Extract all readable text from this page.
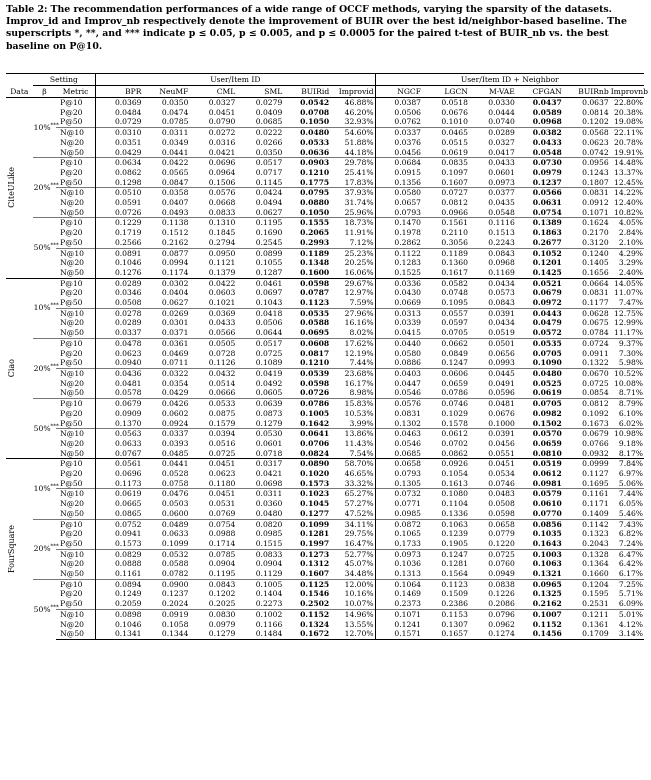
Table 2: The recommendation performances of a wide range of OCCF methods, varying the sparsity of the datasets. Improv_id and Improv_nb respectively denote the improvement of BUIR over the best id/neighbor-based baseline. The superscripts *, **, and *** indicate p ≤ 0.05, p ≤ 0.005, and p ≤ 0.0005 for the paired t-test of BUIR_nb vs. the best baseline on P@10.
	Setting		User/Item ID						User/Item ID + Neighbor					
Data	β	Metric	BPR	NeuMF	CML	SML	BUIRid	Improvid	NGCF	LGCN	M-VAE	CFGAN	BUIRnb	Improvnb

CiteULike	10%***	P@10	0.0369	0.0350	0.0327	0.0279	0.0542	46.88%	0.0387	0.0518	0.0330	0.0437	0.0637	22.80%
		P@20	0.0484	0.0474	0.0451	0.0409	0.0708	46.20%	0.0506	0.0676	0.0444	0.0589	0.0814	20.38%
		P@50	0.0729	0.0785	0.0790	0.0685	0.1050	32.93%	0.0762	0.1010	0.0740	0.0968	0.1202	19.08%
		N@10	0.0310	0.0311	0.0272	0.0222	0.0480	54.60%	0.0337	0.0465	0.0289	0.0382	0.0568	22.11%
		N@20	0.0351	0.0349	0.0316	0.0266	0.0533	51.88%	0.0376	0.0515	0.0327	0.0433	0.0623	20.78%
		N@50	0.0429	0.0441	0.0421	0.0350	0.0636	44.18%	0.0456	0.0619	0.0417	0.0548	0.0742	19.91%
	20%***	P@10	0.0634	0.0422	0.0696	0.0517	0.0903	29.78%	0.0684	0.0835	0.0433	0.0730	0.0956	14.48%
		P@20	0.0862	0.0565	0.0964	0.0717	0.1210	25.41%	0.0915	0.1097	0.0601	0.0979	0.1243	13.37%
		P@50	0.1298	0.0847	0.1506	0.1145	0.1775	17.83%	0.1356	0.1607	0.0973	0.1237	0.1807	12.45%
		N@10	0.0510	0.0358	0.0576	0.0424	0.0795	37.93%	0.0580	0.0727	0.0377	0.0566	0.0831	14.22%
		N@20	0.0591	0.0407	0.0668	0.0494	0.0880	31.74%	0.0657	0.0812	0.0435	0.0631	0.0912	12.40%
		N@50	0.0726	0.0493	0.0833	0.0627	0.1050	25.96%	0.0793	0.0966	0.0548	0.0754	0.1071	10.82%
	50%***	P@10	0.1229	0.1138	0.1310	0.1195	0.1555	18.73%	0.1470	0.1561	0.1116	0.1389	0.1624	4.05%
		P@20	0.1719	0.1512	0.1845	0.1690	0.2065	11.91%	0.1978	0.2110	0.1513	0.1863	0.2170	2.84%
		P@50	0.2566	0.2162	0.2794	0.2545	0.2993	7.12%	0.2862	0.3056	0.2243	0.2677	0.3120	2.10%
		N@10	0.0891	0.0877	0.0950	0.0899	0.1189	25.23%	0.1122	0.1189	0.0843	0.1052	0.1240	4.29%
		N@20	0.1046	0.0994	0.1121	0.1055	0.1348	20.25%	0.1283	0.1360	0.0968	0.1201	0.1405	3.29%
		N@50	0.1276	0.1174	0.1379	0.1287	0.1600	16.06%	0.1525	0.1617	0.1169	0.1425	0.1656	2.40%

Ciao	10%***	P@10	0.0289	0.0302	0.0422	0.0461	0.0598	29.67%	0.0336	0.0582	0.0434	0.0521	0.0664	14.05%
		P@20	0.0346	0.0404	0.0603	0.0697	0.0787	12.97%	0.0430	0.0748	0.0573	0.0679	0.0831	11.07%
		P@50	0.0508	0.0627	0.1021	0.1043	0.1123	7.59%	0.0669	0.1095	0.0843	0.0972	0.1177	7.47%
		N@10	0.0278	0.0269	0.0369	0.0418	0.0535	27.96%	0.0313	0.0557	0.0391	0.0443	0.0628	12.75%
		N@20	0.0289	0.0301	0.0433	0.0506	0.0588	16.16%	0.0339	0.0597	0.0434	0.0479	0.0675	12.99%
		N@50	0.0337	0.0371	0.0566	0.0644	0.0695	8.02%	0.0415	0.0705	0.0519	0.0572	0.0784	11.17%
	20%***	P@10	0.0478	0.0361	0.0505	0.0517	0.0608	17.62%	0.0440	0.0662	0.0501	0.0535	0.0724	9.37%
		P@20	0.0623	0.0469	0.0728	0.0725	0.0817	12.19%	0.0580	0.0849	0.0656	0.0705	0.0911	7.30%
		P@50	0.0940	0.0711	0.1126	0.1089	0.1210	7.44%	0.0886	0.1247	0.0993	0.1090	0.1322	5.98%
		N@10	0.0436	0.0322	0.0432	0.0419	0.0539	23.68%	0.0403	0.0606	0.0445	0.0480	0.0670	10.52%
		N@20	0.0481	0.0354	0.0514	0.0492	0.0598	16.17%	0.0447	0.0659	0.0491	0.0525	0.0725	10.08%
		N@50	0.0578	0.0429	0.0666	0.0605	0.0726	8.98%	0.0546	0.0786	0.0596	0.0619	0.0854	8.71%
	50%***	P@10	0.0679	0.0426	0.0533	0.0639	0.0786	15.83%	0.0576	0.0746	0.0481	0.0705	0.0812	8.79%
		P@20	0.0909	0.0602	0.0875	0.0873	0.1005	10.53%	0.0831	0.1029	0.0676	0.0982	0.1092	6.10%
		P@50	0.1370	0.0924	0.1579	0.1279	0.1642	3.99%	0.1302	0.1578	0.1000	0.1502	0.1673	6.02%
		N@10	0.0563	0.0337	0.0394	0.0530	0.0641	13.86%	0.0463	0.0612	0.0391	0.0570	0.0679	10.98%
		N@20	0.0633	0.0393	0.0516	0.0601	0.0706	11.43%	0.0546	0.0702	0.0456	0.0659	0.0766	9.18%
		N@50	0.0767	0.0485	0.0725	0.0718	0.0824	7.54%	0.0685	0.0862	0.0551	0.0810	0.0932	8.17%

FourSquare	10%***	P@10	0.0561	0.0441	0.0451	0.0317	0.0890	58.70%	0.0658	0.0926	0.0451	0.0519	0.0999	7.84%
		P@20	0.0696	0.0528	0.0623	0.0421	0.1020	46.65%	0.0793	0.1054	0.0534	0.0612	0.1127	6.97%
		P@50	0.1173	0.0758	0.1180	0.0698	0.1573	33.32%	0.1305	0.1613	0.0746	0.0981	0.1695	5.06%
		N@10	0.0619	0.0476	0.0451	0.0311	0.1023	65.27%	0.0732	0.1080	0.0483	0.0579	0.1161	7.44%
		N@20	0.0665	0.0503	0.0531	0.0360	0.1045	57.27%	0.0771	0.1104	0.0508	0.0610	0.1171	6.05%
		N@50	0.0865	0.0600	0.0769	0.0480	0.1277	47.52%	0.0985	0.1336	0.0598	0.0770	0.1409	5.46%
	20%***	P@10	0.0752	0.0489	0.0754	0.0820	0.1099	34.11%	0.0872	0.1063	0.0658	0.0856	0.1142	7.43%
		P@20	0.0941	0.0633	0.0988	0.0985	0.1281	29.75%	0.1065	0.1239	0.0779	0.1035	0.1323	6.82%
		P@50	0.1573	0.1099	0.1714	0.1515	0.1997	16.47%	0.1733	0.1905	0.1220	0.1643	0.2043	7.24%
		N@10	0.0829	0.0532	0.0785	0.0833	0.1273	52.77%	0.0973	0.1247	0.0725	0.1003	0.1328	6.47%
		N@20	0.0888	0.0588	0.0904	0.0904	0.1312	45.07%	0.1036	0.1281	0.0760	0.1063	0.1364	6.42%
		N@50	0.1161	0.0782	0.1195	0.1129	0.1607	34.48%	0.1313	0.1564	0.0949	0.1321	0.1660	6.17%
	50%***	P@10	0.0894	0.0900	0.0843	0.1005	0.1125	12.00%	0.1064	0.1123	0.0838	0.0965	0.1204	7.25%
		P@20	0.1249	0.1237	0.1202	0.1404	0.1546	10.16%	0.1469	0.1509	0.1226	0.1325	0.1595	5.71%
		P@50	0.2059	0.2024	0.2025	0.2273	0.2502	10.07%	0.2373	0.2386	0.2086	0.2162	0.2531	6.09%
		N@10	0.0898	0.0919	0.0830	0.1002	0.1152	14.96%	0.1071	0.1153	0.0796	0.1007	0.1211	5.01%
		N@20	0.1046	0.1058	0.0979	0.1166	0.1324	13.55%	0.1241	0.1307	0.0962	0.1152	0.1361	4.12%
		N@50	0.1341	0.1344	0.1279	0.1484	0.1672	12.70%	0.1571	0.1657	0.1274	0.1456	0.1709	3.14%
